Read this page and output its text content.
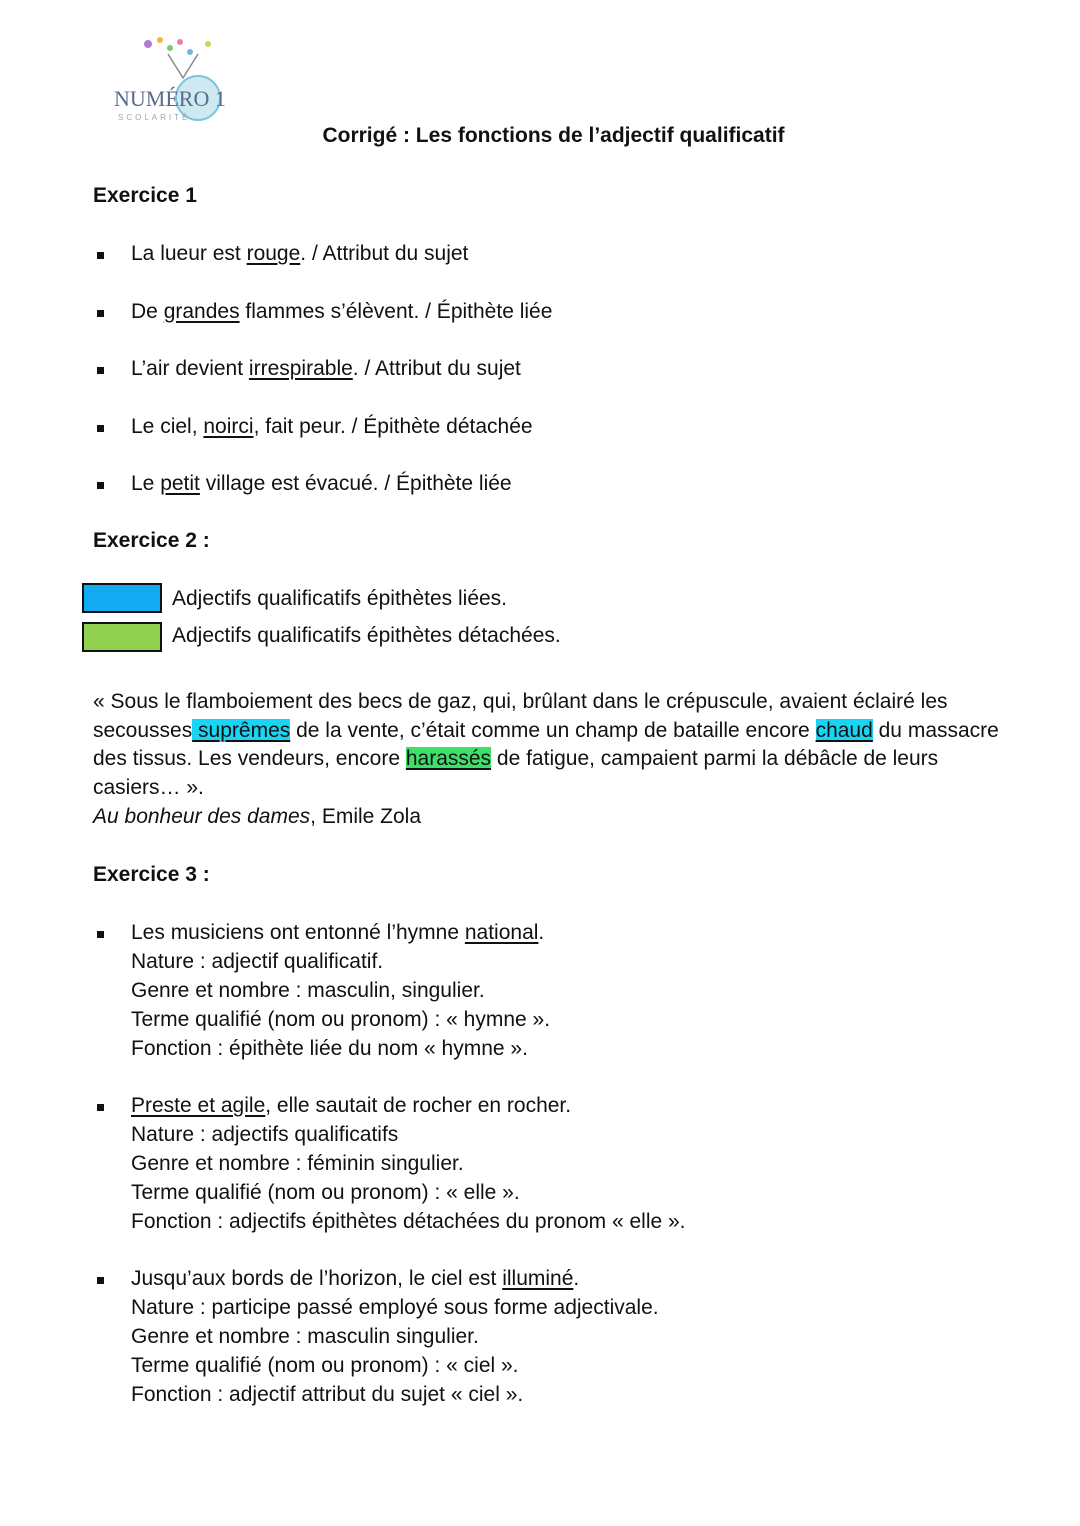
NUMÉRO 1
SCOLARITÉ
Corrigé : Les fonctions de l’adjectif qualificatif
Exercice 1
La lueur est rouge. / Attribut du sujet
De grandes flammes s’élèvent. / Épithète liée
L’air devient irrespirable. / Attribut du sujet
Le ciel, noirci, fait peur. / Épithète détachée
Le petit village est évacué. / Épithète liée
Exercice 2 :
Adjectifs qualificatifs épithètes liées.
Adjectifs qualificatifs épithètes détachées.
« Sous le flamboiement des becs de gaz, qui, brûlant dans le crépuscule, avaient éclairé les secousses suprêmes de la vente, c’était comme un champ de bataille encore chaud du massacre des tissus. Les vendeurs, encore harassés de fatigue, campaient parmi la débâcle de leurs casiers… ».
Au bonheur des dames, Emile Zola
Exercice 3 :
Les musiciens ont entonné l’hymne national.
Nature : adjectif qualificatif.
Genre et nombre : masculin, singulier.
Terme qualifié (nom ou pronom) : « hymne ».
Fonction : épithète liée du nom « hymne ».
Preste et agile, elle sautait de rocher en rocher.
Nature : adjectifs qualificatifs
Genre et nombre : féminin singulier.
Terme qualifié (nom ou pronom) : « elle ».
Fonction : adjectifs épithètes détachées du pronom « elle ».
Jusqu’aux bords de l’horizon, le ciel est illuminé.
Nature : participe passé employé sous forme adjectivale.
Genre et nombre : masculin singulier.
Terme qualifié (nom ou pronom) : « ciel ».
Fonction : adjectif attribut du sujet « ciel ».
